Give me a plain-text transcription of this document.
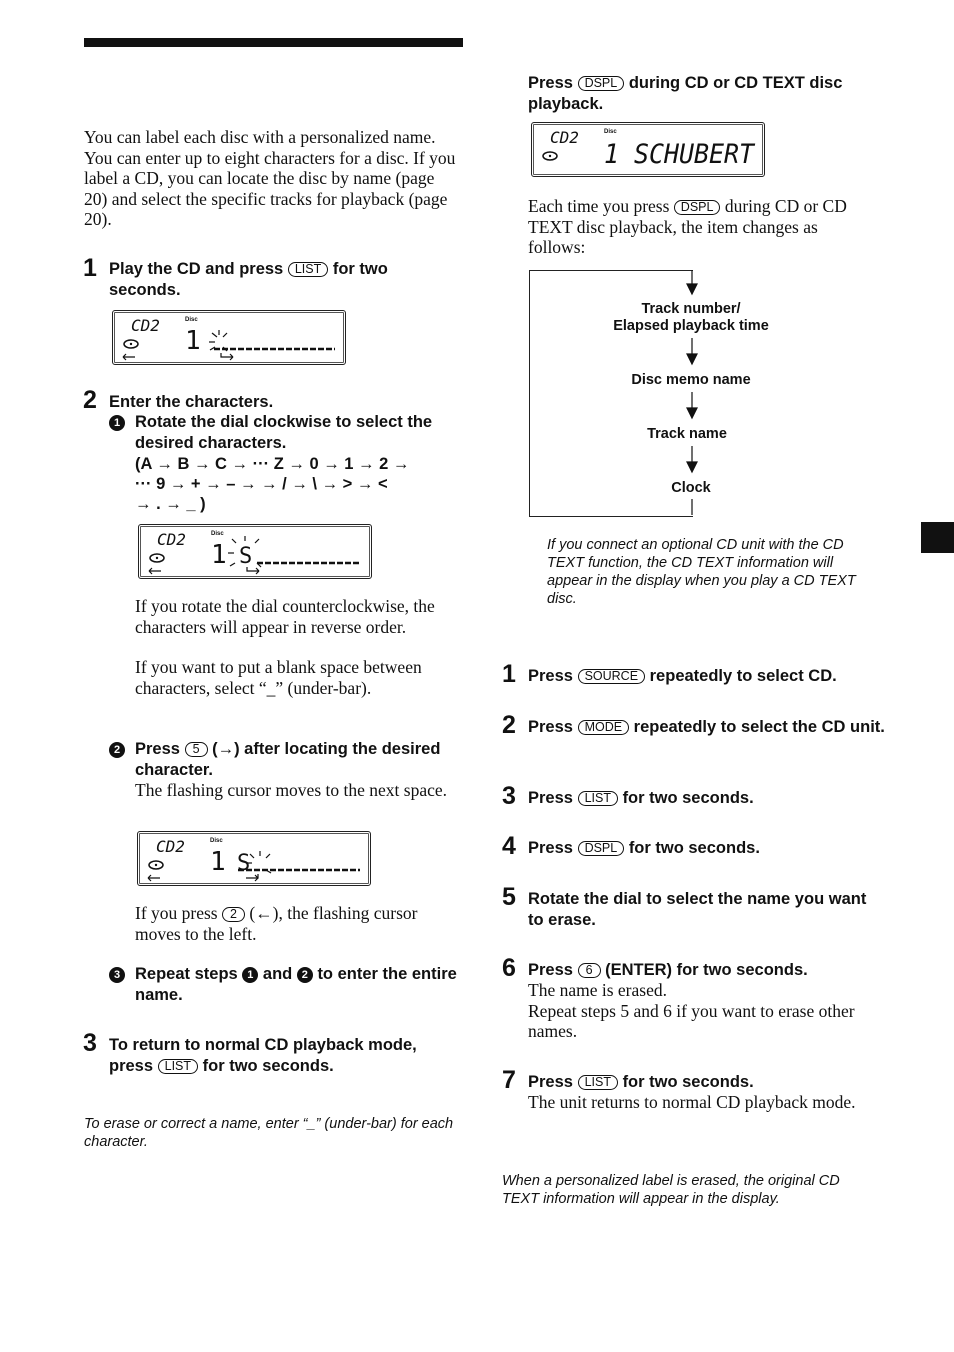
You can label each disc with a personalized name. You can enter up to eight characters for a disc. If you label a CD, you can locate the disc by name (page 20) and select the specific tracks for playback (page 20).
1 Play the CD and press LIST for two seconds.
CD2	Disc
1
2 Enter the characters.
1 Rotate the dial clockwise to select the desired characters.
(A → B → C → ··· Z → 0 → 1 → 2 →
··· 9 → + → – → → / → \ → > → <
→ . → _ )
CD2	Disc
1 S
If you rotate the dial counterclockwise, the characters will appear in reverse order.
If you want to put a blank space between characters, select “_” (under-bar).
2 Press 5 (→) after locating the desired character.
The flashing cursor moves to the next space.
CD2	Disc
1 S
If you press 2 (←), the flashing cursor moves to the left.
3 Repeat steps 1 and 2 to enter the entire name.
3 To return to normal CD playback mode,
press LIST for two seconds.
To erase or correct a name, enter “_” (under-bar) for each character.
Press DSPL during CD or CD TEXT disc playback.
CD2	Disc
1 SCHUBERT
Each time you press DSPL during CD or CD TEXT disc playback, the item changes as follows:
Track number/
Elapsed playback time
Disc memo name
Track name
Clock
If you connect an optional CD unit with the CD TEXT function, the CD TEXT information will appear in the display when you play a CD TEXT disc.
1 Press SOURCE repeatedly to select CD.
2 Press MODE repeatedly to select the CD unit.
3 Press LIST for two seconds.
4 Press DSPL for two seconds.
5 Rotate the dial to select the name you want to erase.
6 Press 6 (ENTER) for two seconds.
The name is erased.
Repeat steps 5 and 6 if you want to erase other names.
7 Press LIST for two seconds.
The unit returns to normal CD playback mode.
When a personalized label is erased, the original CD TEXT information will appear in the display.
